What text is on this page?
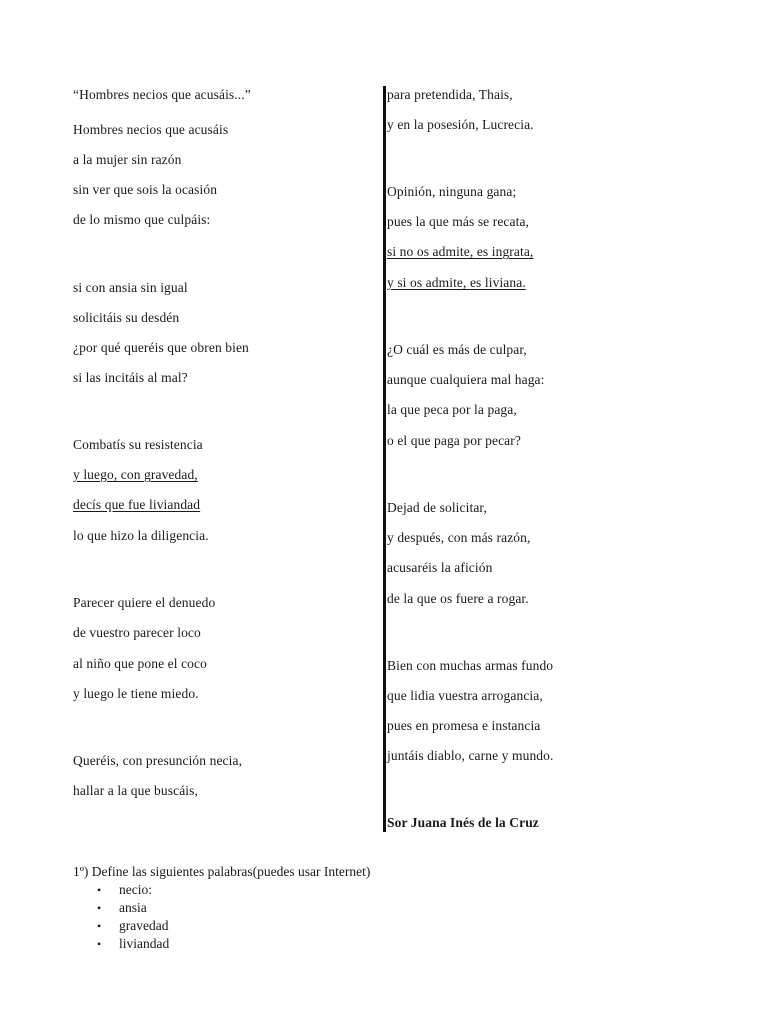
“Hombres necios que acusáis...”
Hombres necios que acusáis
a la mujer sin razón
sin ver que sois la ocasión
de lo mismo que culpáis:
si con ansia sin igual
solicitáis su desdén
¿por qué queréis que obren bien
si las incitáis al mal?
Combatís su resistencia
y luego, con gravedad,
decís que fue liviandad
lo que hizo la diligencia.
Parecer quiere el denuedo
de vuestro parecer loco
al niño que pone el coco
y luego le tiene miedo.
Queréis, con presunción necia,
hallar a la que buscáis,
para pretendida, Thais,
y en la posesión, Lucrecia.
Opinión, ninguna gana;
pues la que más se recata,
si no os admite, es ingrata,
y si os admite, es liviana.
¿O cuál es más de culpar,
aunque cualquiera mal haga:
la que peca por la paga,
o el que paga por pecar?
Dejad de solicitar,
y después, con más razón,
acusaréis la afición
de la que os fuere a rogar.
Bien con muchas armas fundo
que lidia vuestra arrogancia,
pues en promesa e instancia
juntáis diablo, carne y mundo.
Sor Juana Inés de la Cruz
1º) Define las siguientes palabras(puedes usar Internet)
• necio:
• ansia
• gravedad
• liviandad
